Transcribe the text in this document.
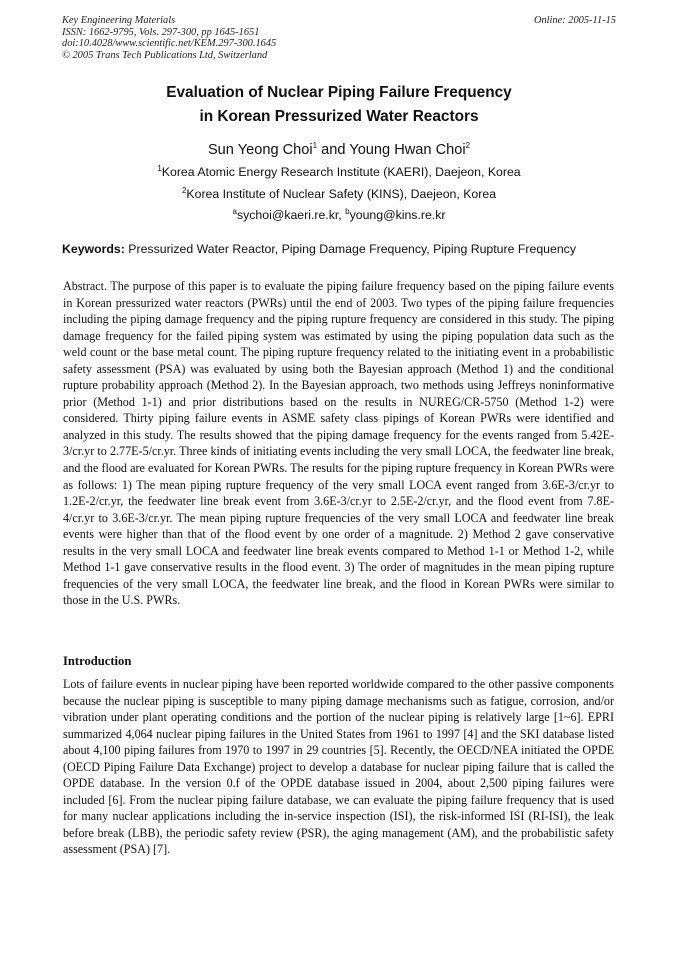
Key Engineering Materials
ISSN: 1662-9795, Vols. 297-300, pp 1645-1651
doi:10.4028/www.scientific.net/KEM.297-300.1645
© 2005 Trans Tech Publications Ltd, Switzerland
Online: 2005-11-15
Evaluation of Nuclear Piping Failure Frequency
in Korean Pressurized Water Reactors
Sun Yeong Choi$^1$ and Young Hwan Choi$^2$
$^1$Korea Atomic Energy Research Institute (KAERI), Daejeon, Korea
$^2$Korea Institute of Nuclear Safety (KINS), Daejeon, Korea
$^a$sychoi@kaeri.re.kr, $^b$young@kins.re.kr
Keywords: Pressurized Water Reactor, Piping Damage Frequency, Piping Rupture Frequency

Abstract. The purpose of this paper is to evaluate the piping failure frequency based on the piping failure events in Korean pressurized water reactors (PWRs) until the end of 2003. Two types of the piping failure frequencies including the piping damage frequency and the piping rupture frequency are considered in this study. The piping damage frequency for the failed piping system was estimated by using the piping population data such as the weld count or the base metal count. The piping rupture frequency related to the initiating event in a probabilistic safety assessment (PSA) was evaluated by using both the Bayesian approach (Method 1) and the conditional rupture probability approach (Method 2). In the Bayesian approach, two methods using Jeffreys noninformative prior (Method 1-1) and prior distributions based on the results in NUREG/CR-5750 (Method 1-2) were considered. Thirty piping failure events in ASME safety class pipings of Korean PWRs were identified and analyzed in this study. The results showed that the piping damage frequency for the events ranged from 5.42E-3/cr.yr to 2.77E-5/cr.yr. Three kinds of initiating events including the very small LOCA, the feedwater line break, and the flood are evaluated for Korean PWRs. The results for the piping rupture frequency in Korean PWRs were as follows: 1) The mean piping rupture frequency of the very small LOCA event ranged from 3.6E-3/cr.yr to 1.2E-2/cr.yr, the feedwater line break event from 3.6E-3/cr.yr to 2.5E-2/cr.yr, and the flood event from 7.8E-4/cr.yr to 3.6E-3/cr.yr. The mean piping rupture frequencies of the very small LOCA and feedwater line break events were higher than that of the flood event by one order of a magnitude. 2) Method 2 gave conservative results in the very small LOCA and feedwater line break events compared to Method 1-1 or Method 1-2, while Method 1-1 gave conservative results in the flood event. 3) The order of magnitudes in the mean piping rupture frequencies of the very small LOCA, the feedwater line break, and the flood in Korean PWRs were similar to those in the U.S. PWRs.

Introduction

Lots of failure events in nuclear piping have been reported worldwide compared to the other passive components because the nuclear piping is susceptible to many piping damage mechanisms such as fatigue, corrosion, and/or vibration under plant operating conditions and the portion of the nuclear piping is relatively large [1~6]. EPRI summarized 4,064 nuclear piping failures in the United States from 1961 to 1997 [4] and the SKI database listed about 4,100 piping failures from 1970 to 1997 in 29 countries [5]. Recently, the OECD/NEA initiated the OPDE (OECD Piping Failure Data Exchange) project to develop a database for nuclear piping failure that is called the OPDE database. In the version 0.f of the OPDE database issued in 2004, about 2,500 piping failures were included [6]. From the nuclear piping failure database, we can evaluate the piping failure frequency that is used for many nuclear applications including the in-service inspection (ISI), the risk-informed ISI (RI-ISI), the leak before break (LBB), the periodic safety review (PSR), the aging management (AM), and the probabilistic safety assessment (PSA) [7].
